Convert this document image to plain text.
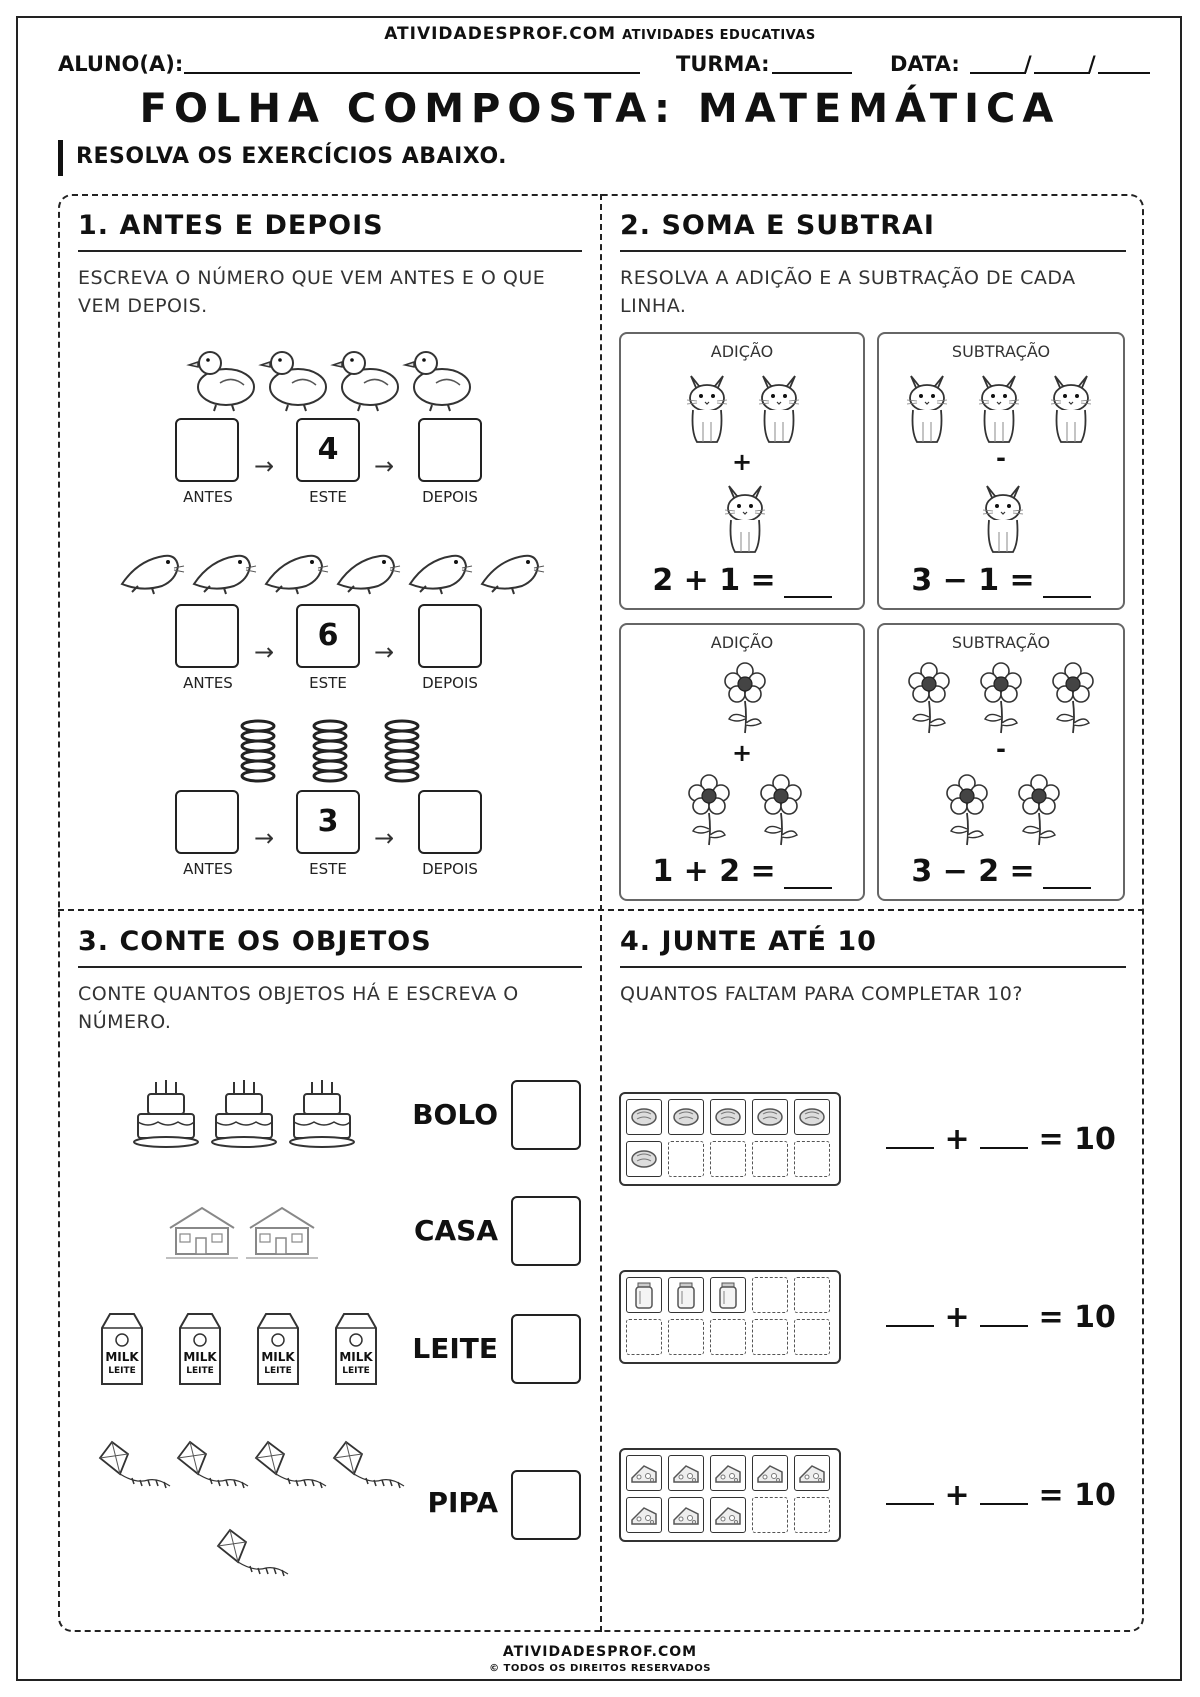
ATIVIDADESPROF.COM ATIVIDADES EDUCATIVAS
ALUNO(A):	TURMA:	DATA:	/	/
FOLHA COMPOSTA: MATEMÁTICA
RESOLVA OS EXERCÍCIOS ABAIXO.
1. ANTES E DEPOIS
ESCREVA O NÚMERO QUE VEM ANTES E O QUE VEM DEPOIS.
→	4	→
ANTES	ESTE	DEPOIS
→	6	→
ANTES	ESTE	DEPOIS
→	3	→
ANTES	ESTE	DEPOIS
2. SOMA E SUBTRAI
RESOLVA A ADIÇÃO E A SUBTRAÇÃO DE CADA LINHA.
ADIÇÃO
+
2 + 1 =
SUBTRAÇÃO
-
3 − 1 =
ADIÇÃO
+
1 + 2 =
SUBTRAÇÃO
-
3 − 2 =
3. CONTE OS OBJETOS
CONTE QUANTOS OBJETOS HÁ E ESCREVA O NÚMERO.
BOLO
CASA
MILK
LEITE
MILK
LEITE
MILK
LEITE
MILK
LEITE
LEITE
PIPA
4. JUNTE ATÉ 10
QUANTOS FALTAM PARA COMPLETAR 10?
+ = 10
+ = 10
+ = 10
ATIVIDADESPROF.COM
© TODOS OS DIREITOS RESERVADOS
